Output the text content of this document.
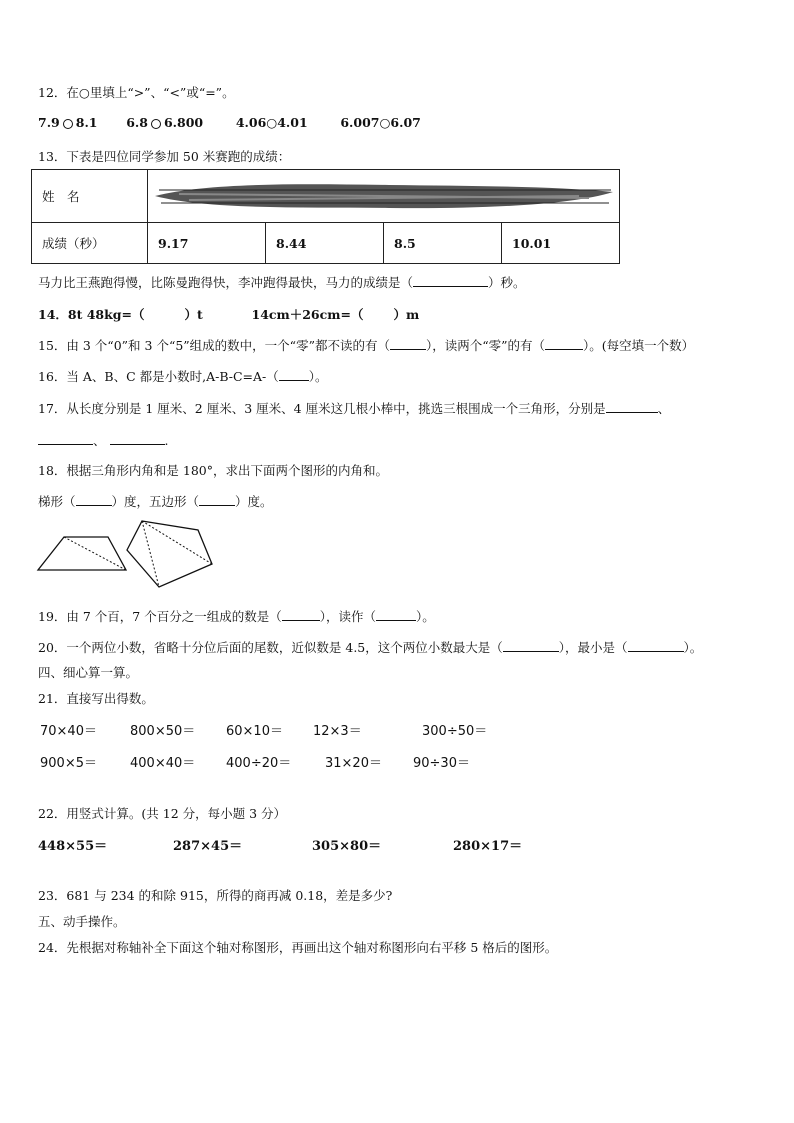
12．在○里填上“>”、“<”或“=”。
7.9 8.1 6.8 6.800	4.06○4.01	6.007○6.07
13．下表是四位同学参加 50 米赛跑的成绩：
姓　名	

成绩（秒）	9.17	8.44	8.5	10.01
马力比王燕跑得慢，比陈曼跑得快，李冲跑得最快，马力的成绩是（	）秒。
14．8t 48kg=（	）t	14cm＋26cm=（ ）m
15．由 3 个“0”和 3 个“5”组成的数中，一个“零”都不读的有（	），读两个“零”的有（	）。(每空填一个数）
16．当 A、B、C 都是小数时,A-B-C=A-（ ）。
17．从长度分别是 1 厘米、2 厘米、3 厘米、4 厘米这几根小棒中，挑选三根围成一个三角形，分别是	、
、	.
18．根据三角形内角和是 180°，求出下面两个图形的内角和。
梯形（	）度，五边形（	）度。
19．由 7 个百，7 个百分之一组成的数是（	），读作（	）。
20．一个两位小数，省略十分位后面的尾数，近似数是 4.5，这个两位小数最大是（	），最小是（	）。
四、细心算一算。
21．直接写出得数。
70×40＝	800×50＝ 60×10＝ 12×3＝	300÷50＝
900×5＝	400×40＝ 400÷20＝	31×20＝ 90÷30＝
22．用竖式计算。(共 12 分，每小题 3 分）
448×55＝	287×45＝	305×80＝	280×17＝
23．681 与 234 的和除 915，所得的商再减 0.18，差是多少?
五、动手操作。
24．先根据对称轴补全下面这个轴对称图形，再画出这个轴对称图形向右平移 5 格后的图形。
